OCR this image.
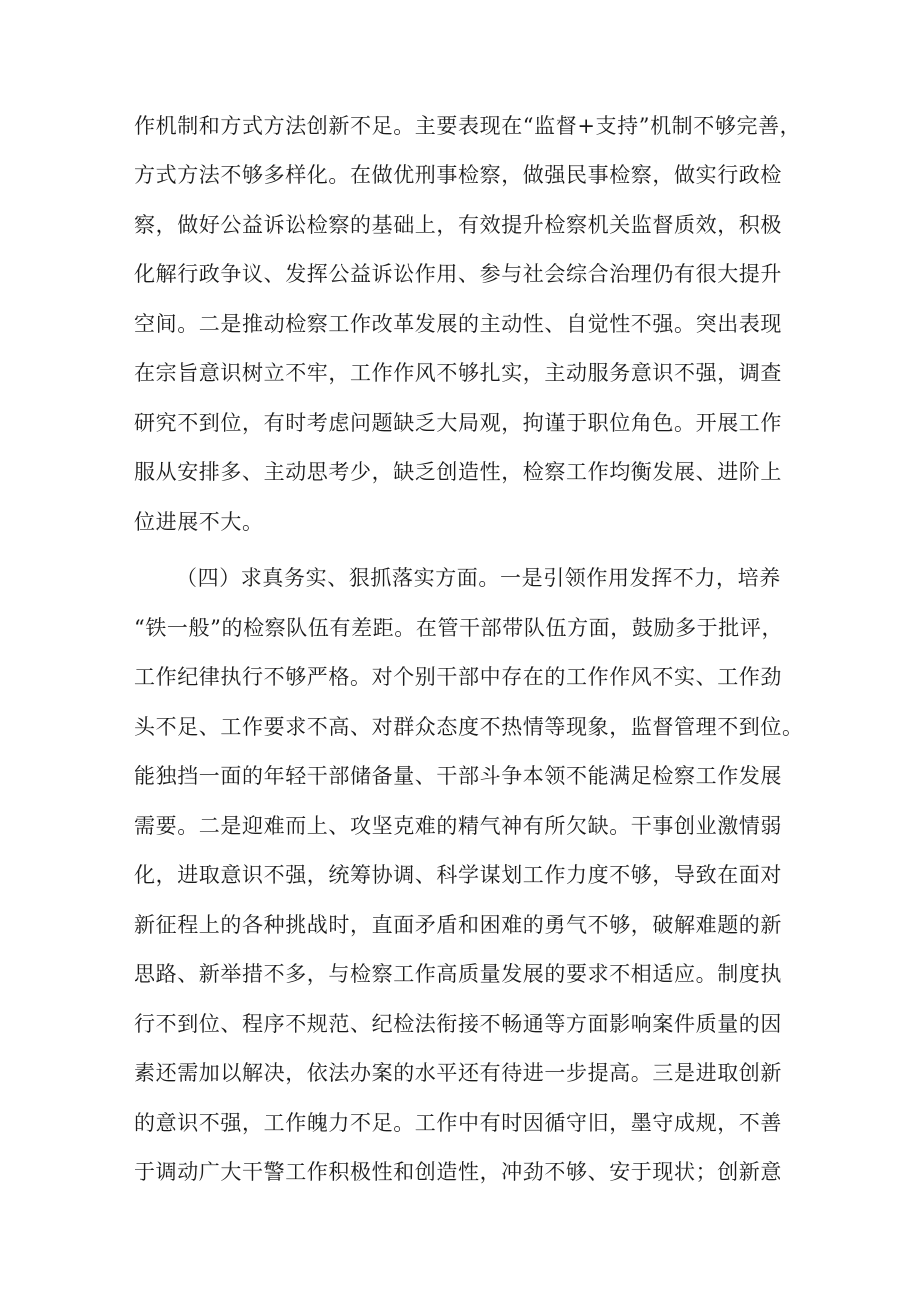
作机制和方式方法创新不足。主要表现在“监督+支持”机制不够完善，
方式方法不够多样化。在做优刑事检察，做强民事检察，做实行政检
察，做好公益诉讼检察的基础上，有效提升检察机关监督质效，积极
化解行政争议、发挥公益诉讼作用、参与社会综合治理仍有很大提升
空间。二是推动检察工作改革发展的主动性、自觉性不强。突出表现
在宗旨意识树立不牢，工作作风不够扎实，主动服务意识不强，调查
研究不到位，有时考虑问题缺乏大局观，拘谨于职位角色。开展工作
服从安排多、主动思考少，缺乏创造性，检察工作均衡发展、进阶上
位进展不大。
（四）求真务实、狠抓落实方面。一是引领作用发挥不力，培养
“铁一般”的检察队伍有差距。在管干部带队伍方面，鼓励多于批评，
工作纪律执行不够严格。对个别干部中存在的工作作风不实、工作劲
头不足、工作要求不高、对群众态度不热情等现象，监督管理不到位。
能独挡一面的年轻干部储备量、干部斗争本领不能满足检察工作发展
需要。二是迎难而上、攻坚克难的精气神有所欠缺。干事创业激情弱
化，进取意识不强，统筹协调、科学谋划工作力度不够，导致在面对
新征程上的各种挑战时，直面矛盾和困难的勇气不够，破解难题的新
思路、新举措不多，与检察工作高质量发展的要求不相适应。制度执
行不到位、程序不规范、纪检法衔接不畅通等方面影响案件质量的因
素还需加以解决，依法办案的水平还有待进一步提高。三是进取创新
的意识不强，工作魄力不足。工作中有时因循守旧，墨守成规，不善
于调动广大干警工作积极性和创造性，冲劲不够、安于现状；创新意
